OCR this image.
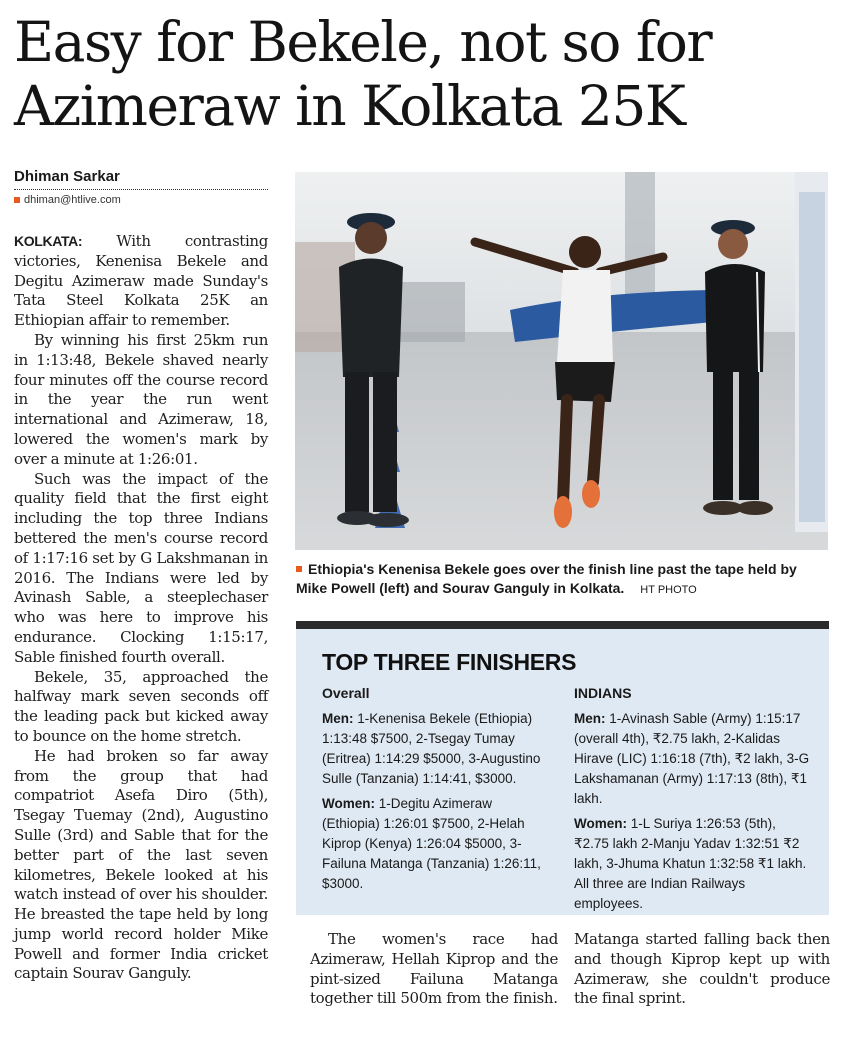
Easy for Bekele, not so for
Azimeraw in Kolkata 25K
Dhiman Sarkar
dhiman@htlive.com

KOLKATA: With contrasting victories, Kenenisa Bekele and Degitu Azimeraw made Sunday's Tata Steel Kolkata 25K an Ethiopian affair to remember.

By winning his first 25km run in 1:13:48, Bekele shaved nearly four minutes off the course record in the year the run went international and Azimeraw, 18, lowered the women's mark by over a minute at 1:26:01.

Such was the impact of the quality field that the first eight including the top three Indians bettered the men's course record of 1:17:16 set by G Lakshmanan in 2016. The Indians were led by Avinash Sable, a steeplechaser who was here to improve his endurance. Clocking 1:15:17, Sable finished fourth overall.

Bekele, 35, approached the halfway mark seven seconds off the leading pack but kicked away to bounce on the home stretch.

He had broken so far away from the group that had compatriot Asefa Diro (5th), Tsegay Tuemay (2nd), Augustino Sulle (3rd) and Sable that for the better part of the last seven kilometres, Bekele looked at his watch instead of over his shoulder. He breasted the tape held by long jump world record holder Mike Powell and former India cricket captain Sourav Ganguly.

Ethiopia's Kenenisa Bekele goes over the finish line past the tape held by Mike Powell (left) and Sourav Ganguly in Kolkata. HT PHOTO
TOP THREE FINISHERS
Overall
Men: 1-Kenenisa Bekele (Ethiopia) 1:13:48 $7500, 2-Tsegay Tumay (Eritrea) 1:14:29 $5000, 3-Augustino Sulle (Tanzania) 1:14:41, $3000.
Women: 1-Degitu Azimeraw (Ethiopia) 1:26:01 $7500, 2-Helah Kiprop (Kenya) 1:26:04 $5000, 3-Failuna Matanga (Tanzania) 1:26:11, $3000.
INDIANS
Men: 1-Avinash Sable (Army) 1:15:17 (overall 4th), ₹2.75 lakh, 2-Kalidas Hirave (LIC) 1:16:18 (7th), ₹2 lakh, 3-G Lakshamanan (Army) 1:17:13 (8th), ₹1 lakh.
Women: 1-L Suriya 1:26:53 (5th), ₹2.75 lakh 2-Manju Yadav 1:32:51 ₹2 lakh, 3-Jhuma Khatun 1:32:58 ₹1 lakh. All three are Indian Railways employees.

The women's race had Azimeraw, Hellah Kiprop and the pint-sized Failuna Matanga together till 500m from the finish.

Matanga started falling back then and though Kiprop kept up with Azimeraw, she couldn't produce the final sprint.
